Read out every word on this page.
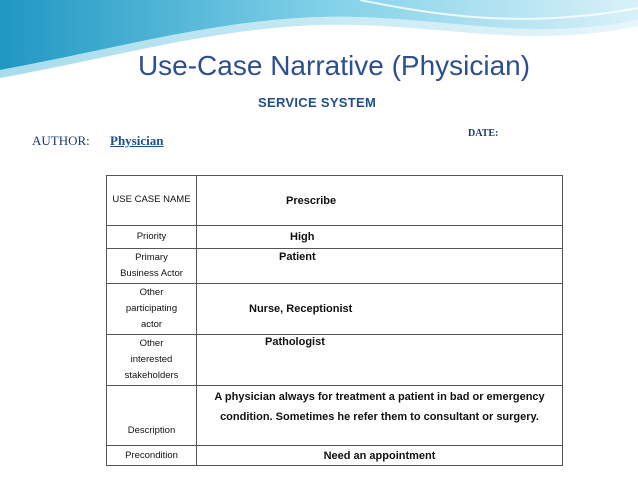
Use-Case Narrative (Physician)
SERVICE SYSTEM
AUTHOR: Physician	DATE:
USE CASE NAME	Prescribe
Priority	High

Primary
Business Actor	Patient

Other
participating
actor	Nurse, Receptionist

Other
interested
stakeholders	Pathologist
Description	A physician always for treatment a patient in bad or emergency
condition. Sometimes he refer them to consultant or surgery.

Precondition	Need an appointment
